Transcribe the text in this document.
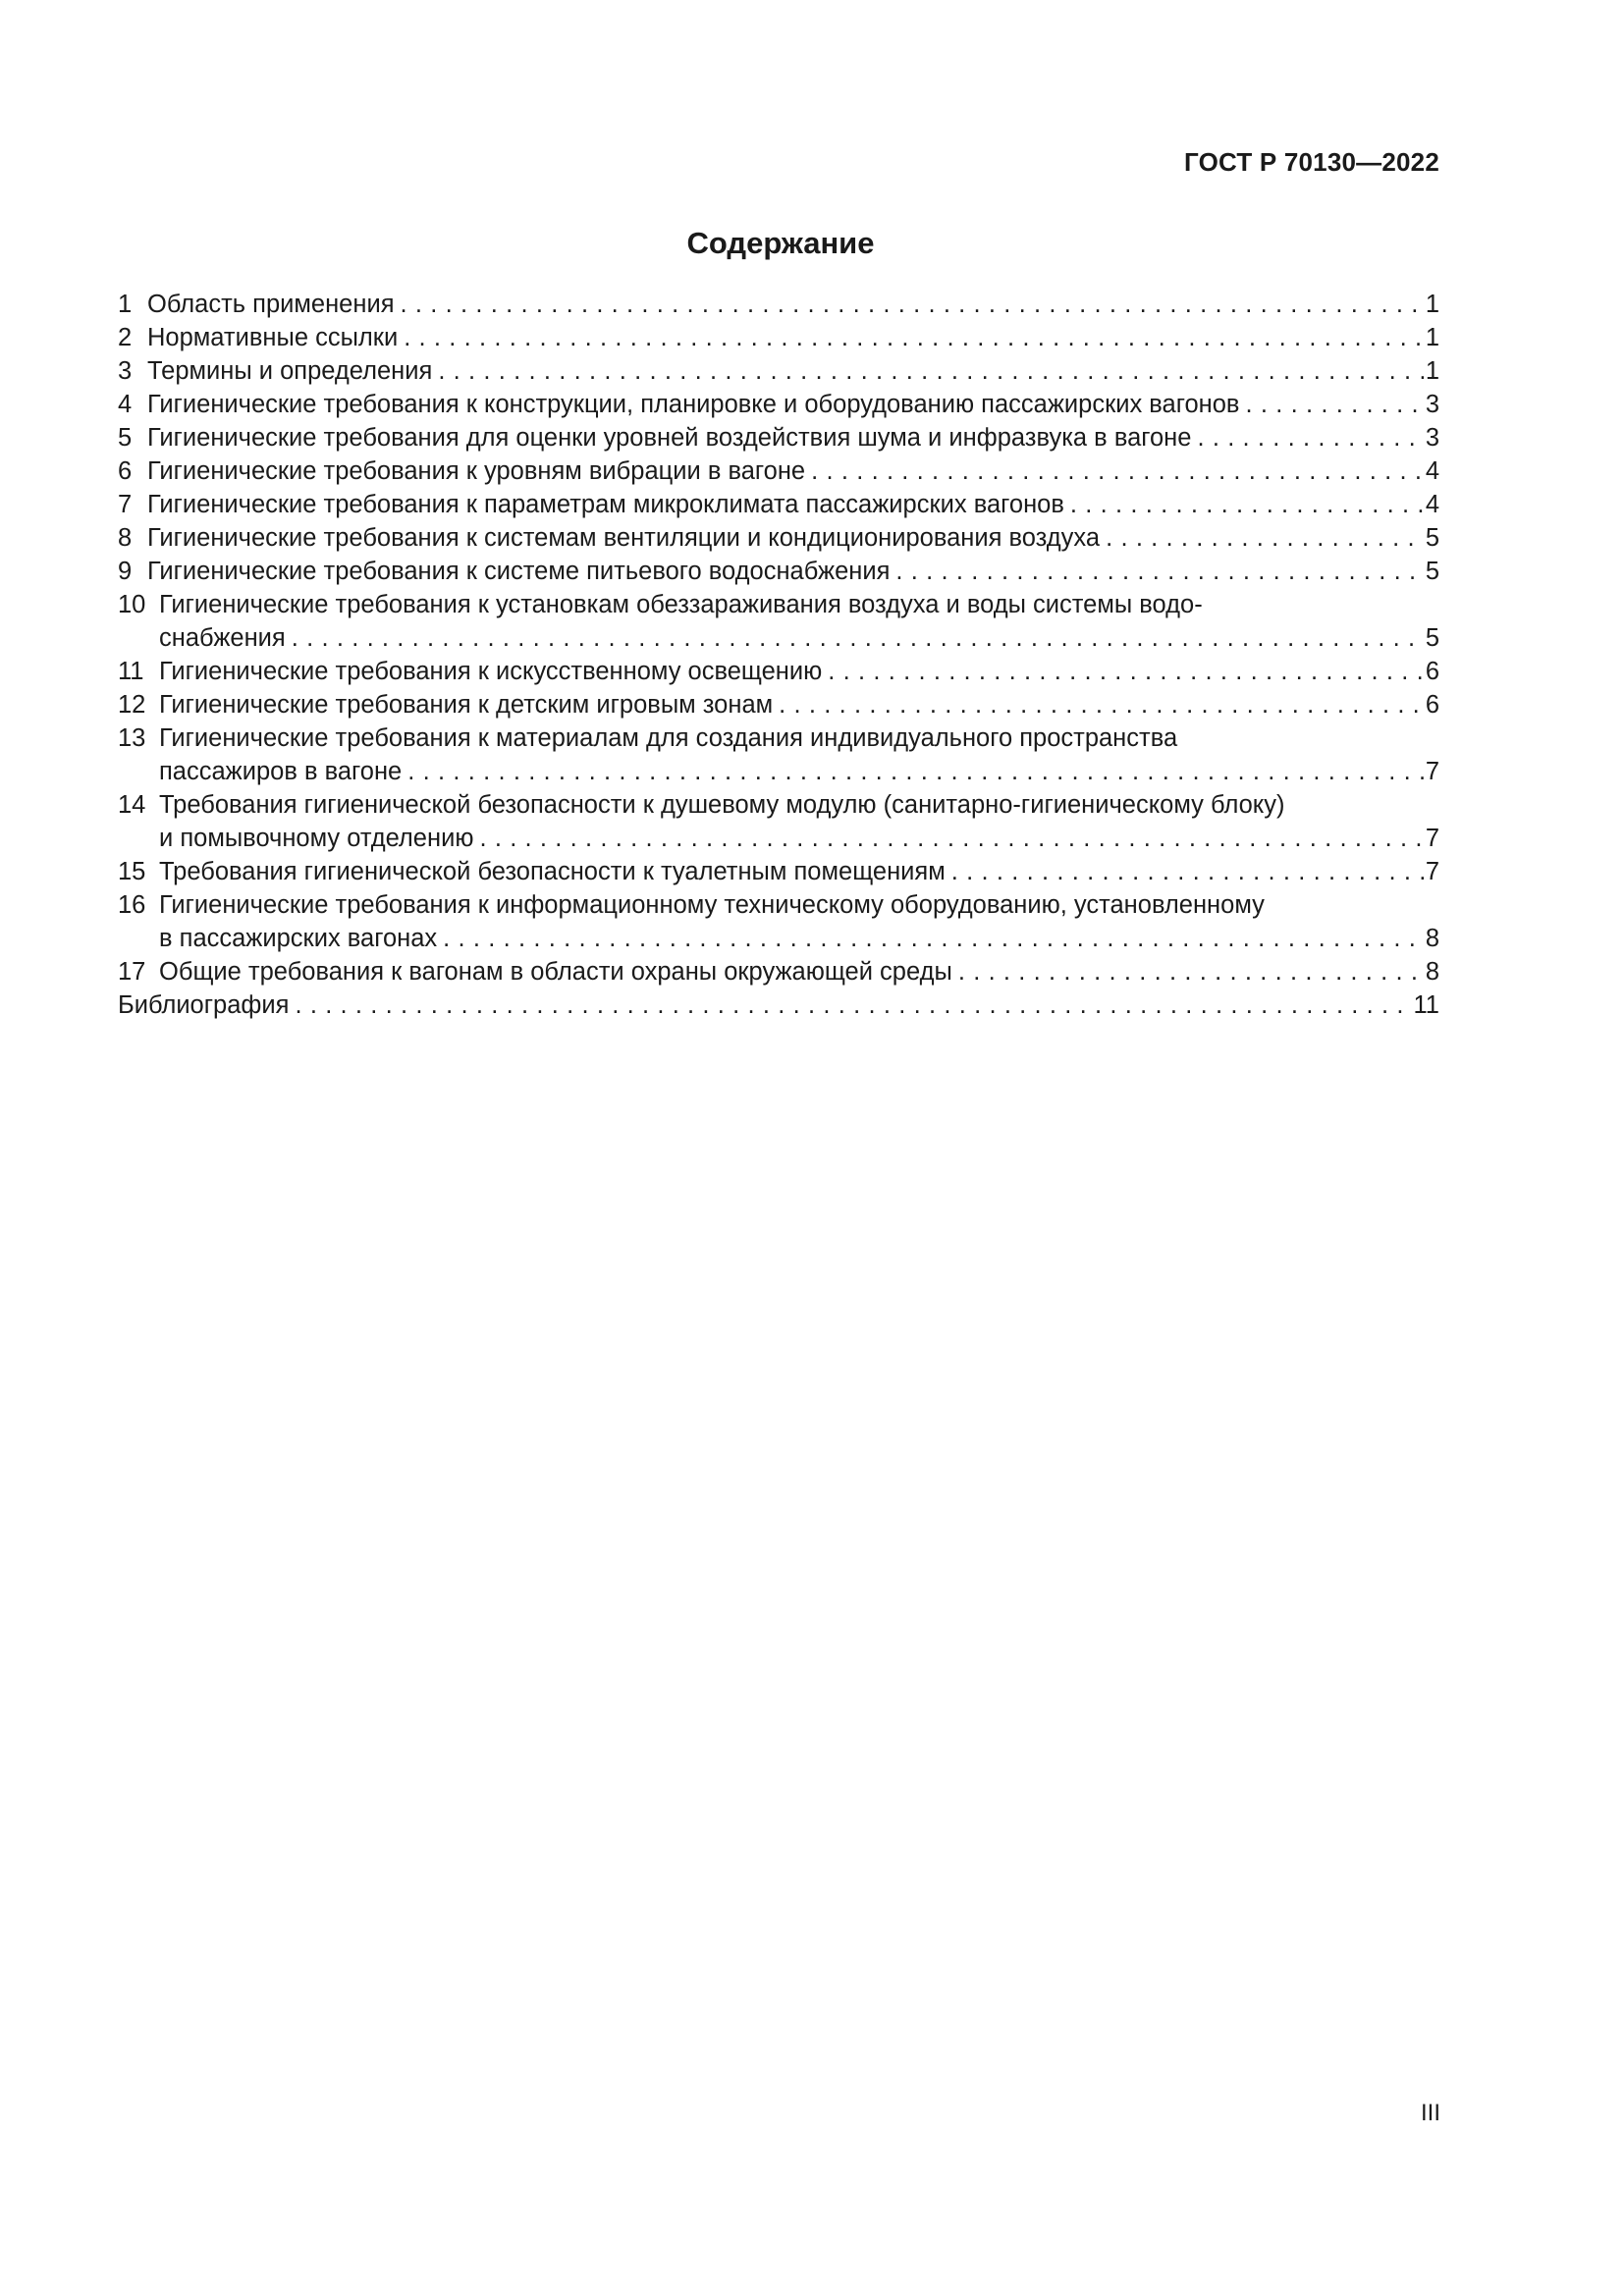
ГОСТ Р 70130—2022
Содержание
1 Область применения . . .	1
2 Нормативные ссылки . . .	1
3 Термины и определения . . .	1
4 Гигиенические требования к конструкции, планировке и оборудованию пассажирских вагонов . . .	3
5 Гигиенические требования для оценки уровней воздействия шума и инфразвука в вагоне . . .	3
6 Гигиенические требования к уровням вибрации в вагоне . . .	4
7 Гигиенические требования к параметрам микроклимата пассажирских вагонов . . .	4
8 Гигиенические требования к системам вентиляции и кондиционирования воздуха . . .	5
9 Гигиенические требования к системе питьевого водоснабжения . . .	5
10 Гигиенические требования к установкам обеззараживания воздуха и воды системы водо-
снабжения . . .	5
11 Гигиенические требования к искусственному освещению . . .	6
12 Гигиенические требования к детским игровым зонам . . .	6
13 Гигиенические требования к материалам для создания индивидуального пространства
пассажиров в вагоне . . .	7
14 Требования гигиенической безопасности к душевому модулю (санитарно-гигиеническому блоку)
и помывочному отделению . . .	7
15 Требования гигиенической безопасности к туалетным помещениям . . .	7
16 Гигиенические требования к информационному техническому оборудованию, установленному
в пассажирских вагонах . . .	8
17 Общие требования к вагонам в области охраны окружающей среды . . .	8
Библиография . . .	11
III
